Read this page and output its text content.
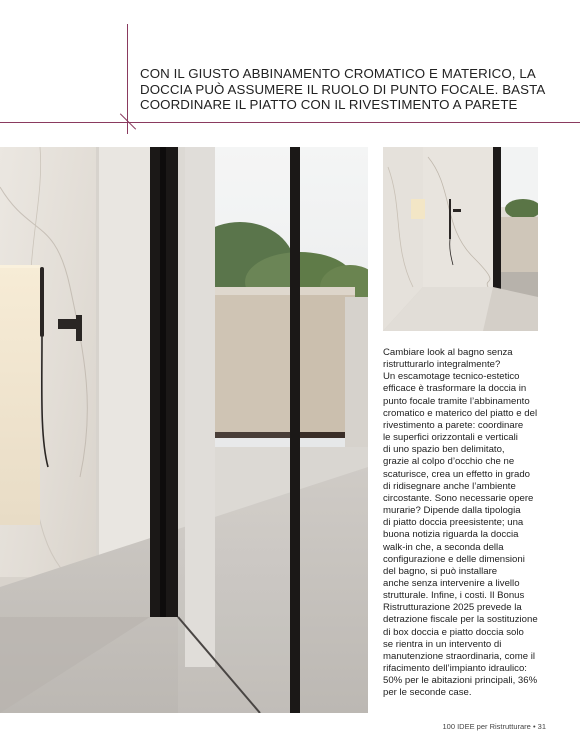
CON IL GIUSTO ABBINAMENTO CROMATICO E MATERICO, LA
DOCCIA PUÒ ASSUMERE IL RUOLO DI PUNTO FOCALE. BASTA
COORDINARE IL PIATTO CON IL RIVESTIMENTO A PARETE

Cambiare look al bagno senza
ristrutturarlo integralmente?
Un escamotage tecnico-estetico
efficace è trasformare la doccia in
punto focale tramite l’abbinamento
cromatico e materico del piatto e del
rivestimento a parete: coordinare
le superfici orizzontali e verticali
di uno spazio ben delimitato,
grazie al colpo d’occhio che ne
scaturisce, crea un effetto in grado
di ridisegnare anche l’ambiente
circostante. Sono necessarie opere
murarie? Dipende dalla tipologia
di piatto doccia preesistente; una
buona notizia riguarda la doccia
walk-in che, a seconda della
configurazione e delle dimensioni
del bagno, si può installare
anche senza intervenire a livello
strutturale. Infine, i costi. Il Bonus
Ristrutturazione 2025 prevede la
detrazione fiscale per la sostituzione
di box doccia e piatto doccia solo
se rientra in un intervento di
manutenzione straordinaria, come il
rifacimento dell’impianto idraulico:
50% per le abitazioni principali, 36%
per le seconde case.

100 IDEE per Ristrutturare • 31
